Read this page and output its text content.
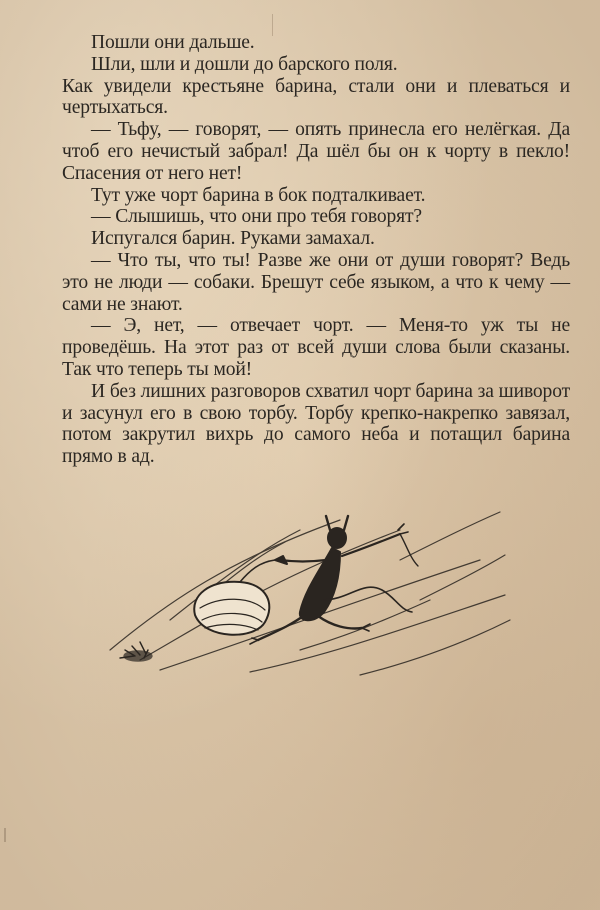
Пошли они дальше.

Шли, шли и дошли до барского поля.

Как увидели крестьяне барина, стали они и плеваться и чертыхаться.

— Тьфу, — говорят, — опять принесла его нелёгкая. Да чтоб его нечистый забрал! Да шёл бы он к чорту в пекло! Спасения от него нет!

Тут уже чорт барина в бок подталкивает.

— Слышишь, что они про тебя говорят?

Испугался барин. Руками замахал.

— Что ты, что ты! Разве же они от души говорят? Ведь это не люди — собаки. Брешут себе языком, а что к чему — сами не знают.

— Э, нет, — отвечает чорт. — Меня-то уж ты не проведёшь. На этот раз от всей души слова были сказаны. Так что теперь ты мой!

И без лишних разговоров схватил чорт барина за шиворот и засунул его в свою торбу. Торбу крепко-накрепко завязал, потом закрутил вихрь до самого неба и потащил барина прямо в ад.
